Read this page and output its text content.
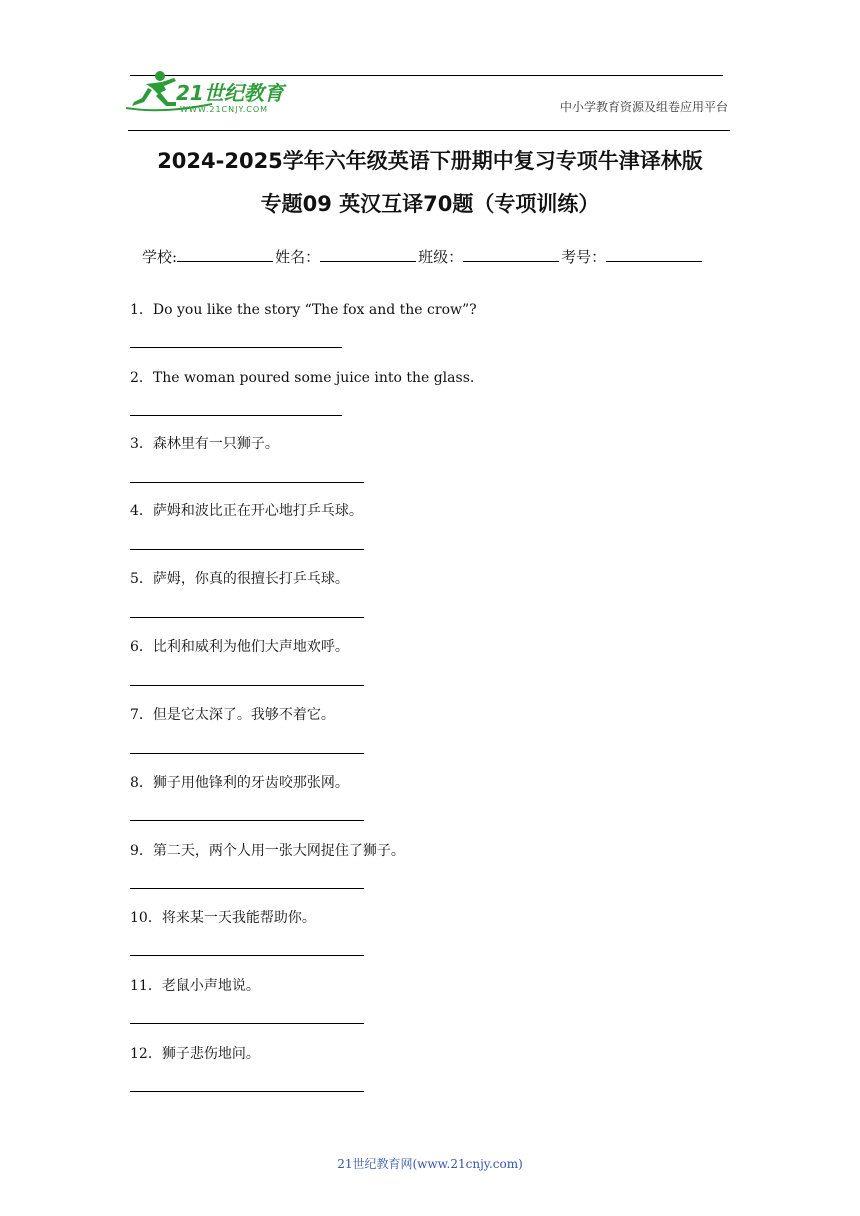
21世纪教育
WWW.21CNJY.COM	中小学教育资源及组卷应用平台
2024-2025学年六年级英语下册期中复习专项牛津译林版
专题09 英汉互译70题（专项训练）
学校:	姓名：	班级：	考号：
1．Do you like the story “The fox and the crow”?
2．The woman poured some juice into the glass.
3．森林里有一只狮子。
4．萨姆和波比正在开心地打乒乓球。
5．萨姆，你真的很擅长打乒乓球。
6．比利和威利为他们大声地欢呼。
7．但是它太深了。我够不着它。
8．狮子用他锋利的牙齿咬那张网。
9．第二天，两个人用一张大网捉住了狮子。
10．将来某一天我能帮助你。
11．老鼠小声地说。
12．狮子悲伤地问。
21世纪教育网(www.21cnjy.com)
